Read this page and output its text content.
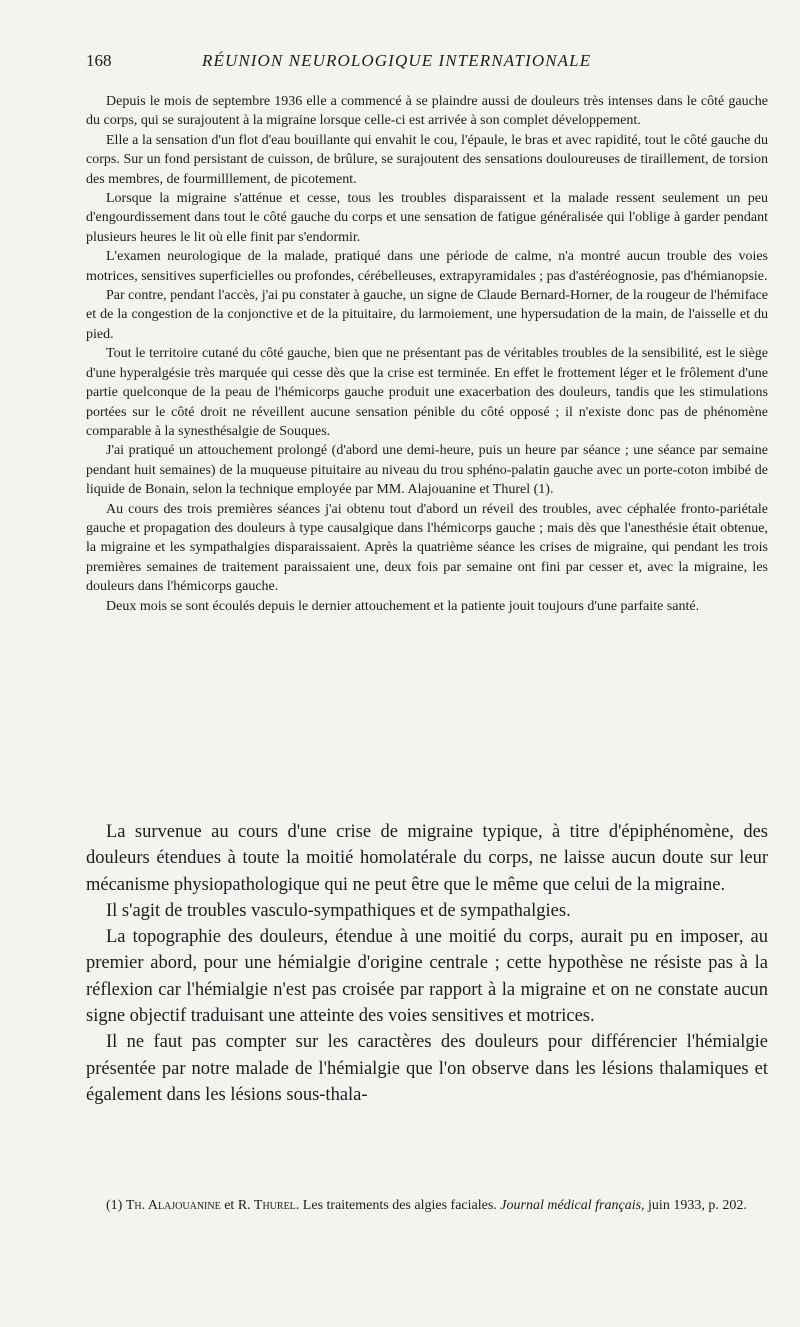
168	RÉUNION NEUROLOGIQUE INTERNATIONALE

Depuis le mois de septembre 1936 elle a commencé à se plaindre aussi de douleurs très intenses dans le côté gauche du corps, qui se surajoutent à la migraine lorsque celle-ci est arrivée à son complet développement.

Elle a la sensation d'un flot d'eau bouillante qui envahit le cou, l'épaule, le bras et avec rapidité, tout le côté gauche du corps. Sur un fond persistant de cuisson, de brûlure, se surajoutent des sensations douloureuses de tiraillement, de torsion des membres, de fourmilllement, de picotement.

Lorsque la migraine s'atténue et cesse, tous les troubles disparaissent et la malade ressent seulement un peu d'engourdissement dans tout le côté gauche du corps et une sensation de fatigue généralisée qui l'oblige à garder pendant plusieurs heures le lit où elle finit par s'endormir.

L'examen neurologique de la malade, pratiqué dans une période de calme, n'a montré aucun trouble des voies motrices, sensitives superficielles ou profondes, cérébelleuses, extrapyramidales ; pas d'astéréognosie, pas d'hémianopsie.

Par contre, pendant l'accès, j'ai pu constater à gauche, un signe de Claude Bernard-Horner, de la rougeur de l'hémiface et de la congestion de la conjonctive et de la pituitaire, du larmoiement, une hypersudation de la main, de l'aisselle et du pied.

Tout le territoire cutané du côté gauche, bien que ne présentant pas de véritables troubles de la sensibilité, est le siège d'une hyperalgésie très marquée qui cesse dès que la crise est terminée. En effet le frottement léger et le frôlement d'une partie quelconque de la peau de l'hémicorps gauche produit une exacerbation des douleurs, tandis que les stimulations portées sur le côté droit ne réveillent aucune sensation pénible du côté opposé ; il n'existe donc pas de phénomène comparable à la synesthésalgie de Souques.

J'ai pratiqué un attouchement prolongé (d'abord une demi-heure, puis un heure par séance ; une séance par semaine pendant huit semaines) de la muqueuse pituitaire au niveau du trou sphéno-palatin gauche avec un porte-coton imbibé de liquide de Bonain, selon la technique employée par MM. Alajouanine et Thurel (1).

Au cours des trois premières séances j'ai obtenu tout d'abord un réveil des troubles, avec céphalée fronto-pariétale gauche et propagation des douleurs à type causalgique dans l'hémicorps gauche ; mais dès que l'anesthésie était obtenue, la migraine et les sympathalgies disparaissaient. Après la quatrième séance les crises de migraine, qui pendant les trois premières semaines de traitement paraissaient une, deux fois par semaine ont fini par cesser et, avec la migraine, les douleurs dans l'hémicorps gauche.

Deux mois se sont écoulés depuis le dernier attouchement et la patiente jouit toujours d'une parfaite santé.

La survenue au cours d'une crise de migraine typique, à titre d'épiphénomène, des douleurs étendues à toute la moitié homolatérale du corps, ne laisse aucun doute sur leur mécanisme physiopathologique qui ne peut être que le même que celui de la migraine.

Il s'agit de troubles vasculo-sympathiques et de sympathalgies.

La topographie des douleurs, étendue à une moitié du corps, aurait pu en imposer, au premier abord, pour une hémialgie d'origine centrale ; cette hypothèse ne résiste pas à la réflexion car l'hémialgie n'est pas croisée par rapport à la migraine et on ne constate aucun signe objectif traduisant une atteinte des voies sensitives et motrices.

Il ne faut pas compter sur les caractères des douleurs pour différencier l'hémialgie présentée par notre malade de l'hémialgie que l'on observe dans les lésions thalamiques et également dans les lésions sous-thala-

(1) Th. Alajouanine et R. Thurel. Les traitements des algies faciales. Journal médical français, juin 1933, p. 202.
